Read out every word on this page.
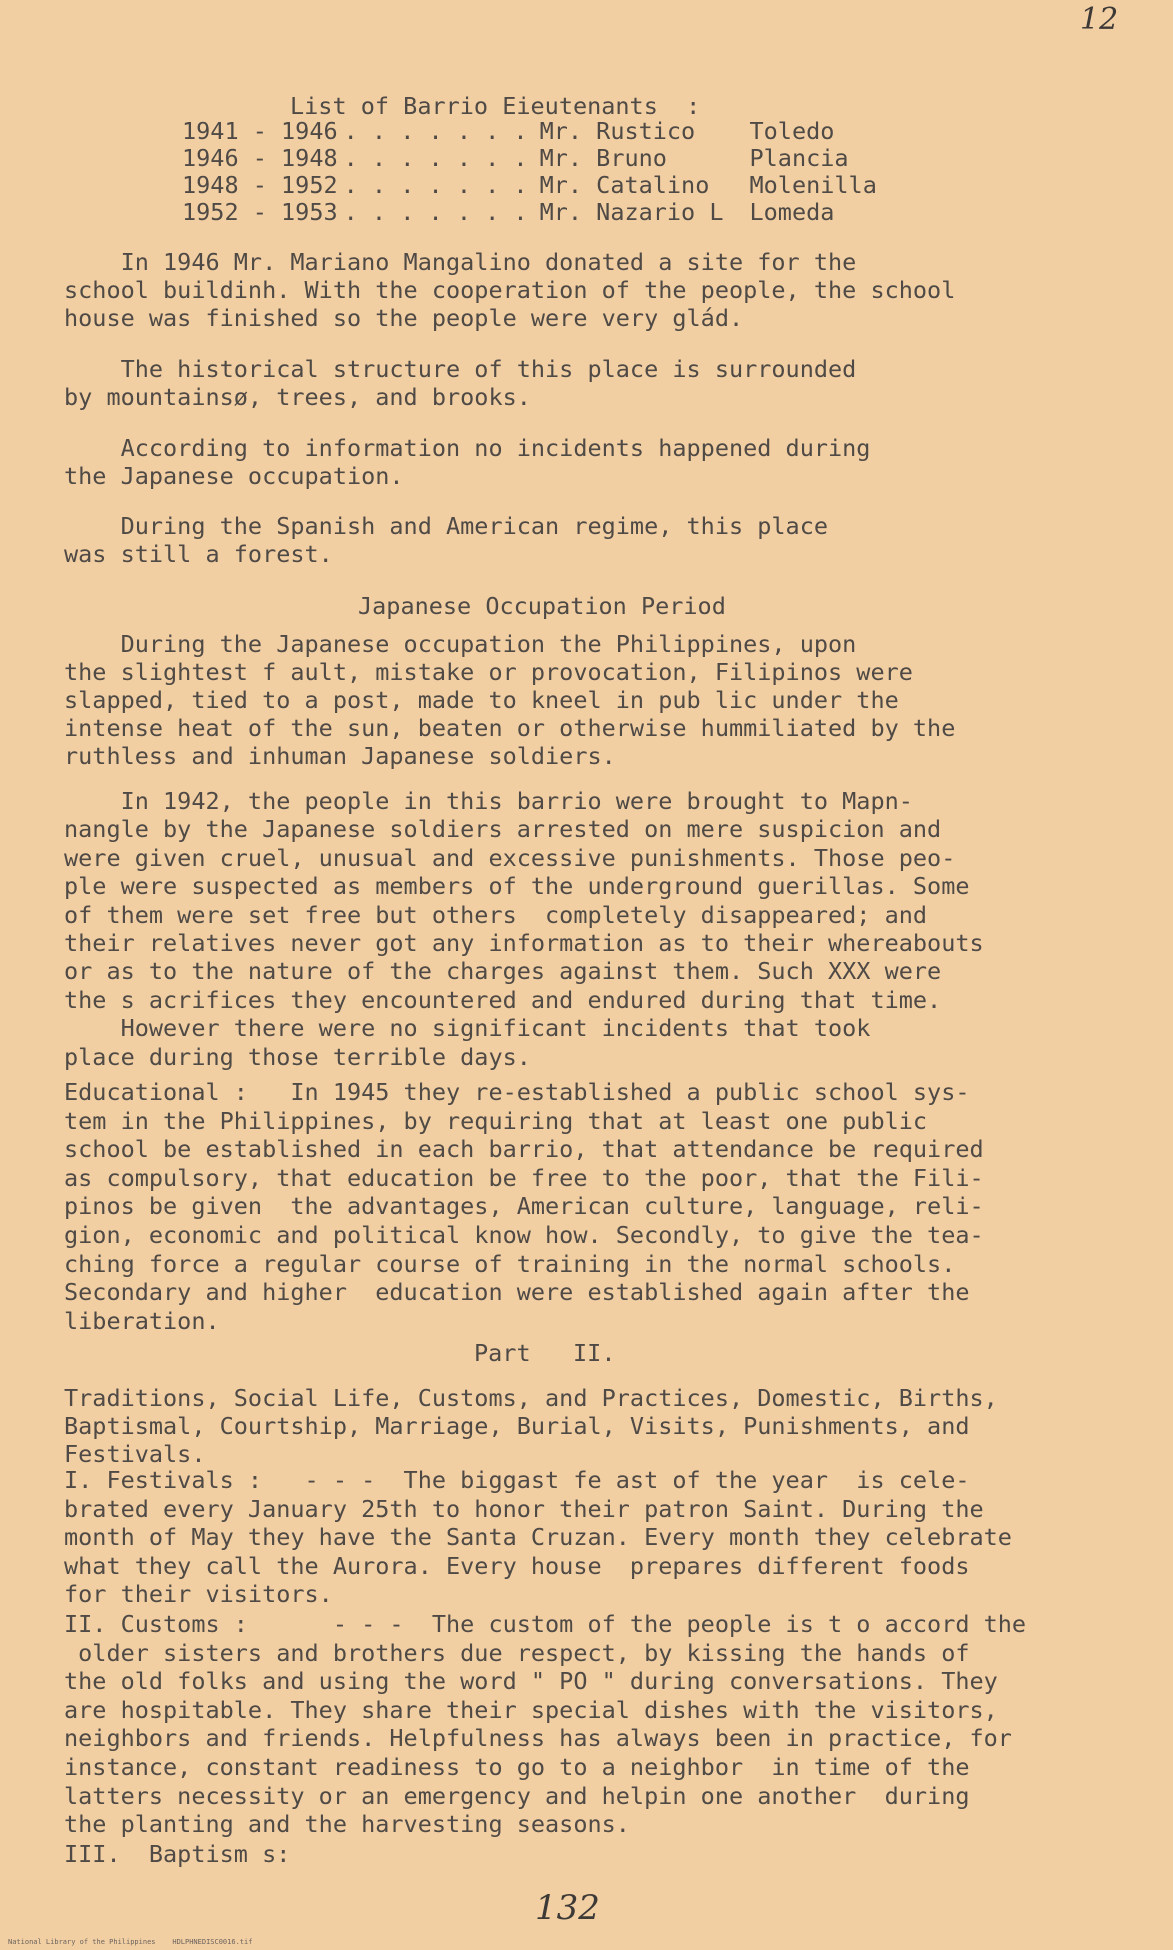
12
List of Barrio Eieutenants  :
1941 - 1946	. . . . . . .	Mr. Rustico	Toledo
1946 - 1948	. . . . . . .	Mr. Bruno	Plancia
1948 - 1952	. . . . . . .	Mr. Catalino	Molenilla
1952 - 1953	. . . . . . .	Mr. Nazario L	Lomeda
In 1946 Mr. Mariano Mangalino donated a site for the
school buildinh. With the cooperation of the people, the school
house was finished so the people were very glád.
The historical structure of this place is surrounded
by mountainsø, trees, and brooks.
According to information no incidents happened during
the Japanese occupation.
During the Spanish and American regime, this place
was still a forest.
Japanese Occupation Period
During the Japanese occupation the Philippines, upon
the slightest f ault, mistake or provocation, Filipinos were
slapped, tied to a post, made to kneel in pub lic under the
intense heat of the sun, beaten or otherwise hummiliated by the
ruthless and inhuman Japanese soldiers.
In 1942, the people in this barrio were brought to Mapn-
nangle by the Japanese soldiers arrested on mere suspicion and
were given cruel, unusual and excessive punishments. Those peo-
ple were suspected as members of the underground guerillas. Some
of them were set free but others  completely disappeared; and
their relatives never got any information as to their whereabouts
or as to the nature of the charges against them. Such XXX were
the s acrifices they encountered and endured during that time.
However there were no significant incidents that took
place during those terrible days.
Educational :   In 1945 they re-established a public school sys-
tem in the Philippines, by requiring that at least one public
school be established in each barrio, that attendance be required
as compulsory, that education be free to the poor, that the Fili-
pinos be given  the advantages, American culture, language, reli-
gion, economic and political know how. Secondly, to give the tea-
ching force a regular course of training in the normal schools.
Secondary and higher  education were established again after the
liberation.
Part   II.
Traditions, Social Life, Customs, and Practices, Domestic, Births,
Baptismal, Courtship, Marriage, Burial, Visits, Punishments, and
Festivals.
I. Festivals :   - - -  The biggast fe ast of the year  is cele-
brated every January 25th to honor their patron Saint. During the
month of May they have the Santa Cruzan. Every month they celebrate
what they call the Aurora. Every house  prepares different foods
for their visitors.
II. Customs :      - - -  The custom of the people is t o accord the
older sisters and brothers due respect, by kissing the hands of
the old folks and using the word " PO " during conversations. They
are hospitable. They share their special dishes with the visitors,
neighbors and friends. Helpfulness has always been in practice, for
instance, constant readiness to go to a neighbor  in time of the
latters necessity or an emergency and helpin one another  during
the planting and the harvesting seasons.
III.  Baptism s:
132
National Library of the Philippines    HDLPHNEDISC0016.tif
